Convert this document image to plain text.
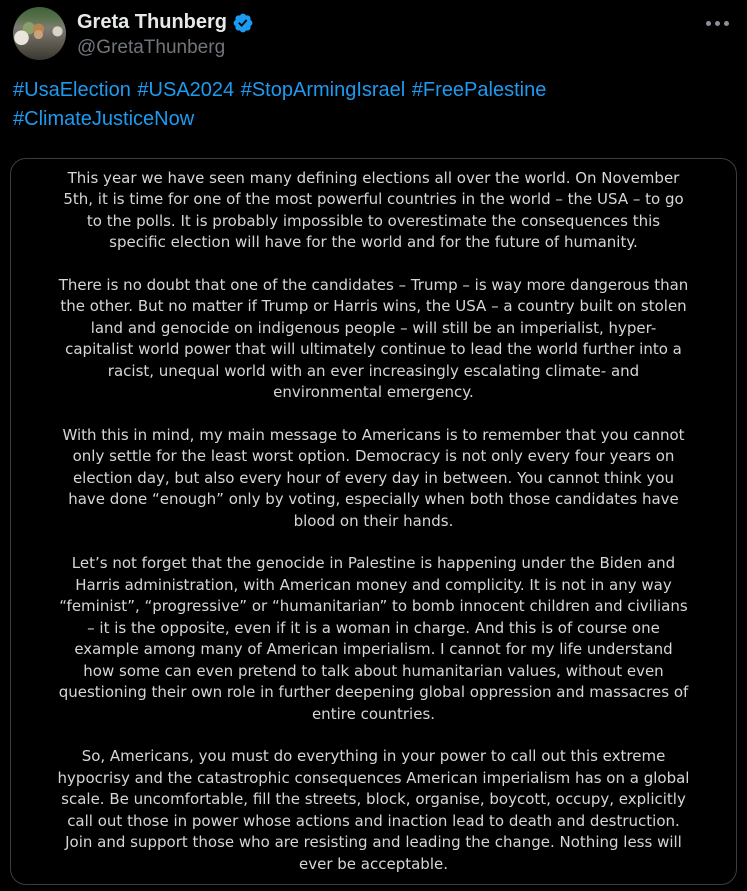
Greta Thunberg
@GretaThunberg
#UsaElection #USA2024 #StopArmingIsrael #FreePalestine #ClimateJusticeNow

This year we have seen many defining elections all over the world. On November 5th, it is time for one of the most powerful countries in the world – the USA – to go to the polls. It is probably impossible to overestimate the consequences this specific election will have for the world and for the future of humanity.

There is no doubt that one of the candidates – Trump – is way more dangerous than the other. But no matter if Trump or Harris wins, the USA – a country built on stolen land and genocide on indigenous people – will still be an imperialist, hyper-capitalist world power that will ultimately continue to lead the world further into a racist, unequal world with an ever increasingly escalating climate- and environmental emergency.

With this in mind, my main message to Americans is to remember that you cannot only settle for the least worst option. Democracy is not only every four years on election day, but also every hour of every day in between. You cannot think you have done “enough” only by voting, especially when both those candidates have blood on their hands.

Let’s not forget that the genocide in Palestine is happening under the Biden and Harris administration, with American money and complicity. It is not in any way “feminist”, “progressive” or “humanitarian” to bomb innocent children and civilians – it is the opposite, even if it is a woman in charge. And this is of course one example among many of American imperialism. I cannot for my life understand how some can even pretend to talk about humanitarian values, without even questioning their own role in further deepening global oppression and massacres of entire countries.

So, Americans, you must do everything in your power to call out this extreme hypocrisy and the catastrophic consequences American imperialism has on a global scale. Be uncomfortable, fill the streets, block, organise, boycott, occupy, explicitly call out those in power whose actions and inaction lead to death and destruction. Join and support those who are resisting and leading the change. Nothing less will ever be acceptable.
